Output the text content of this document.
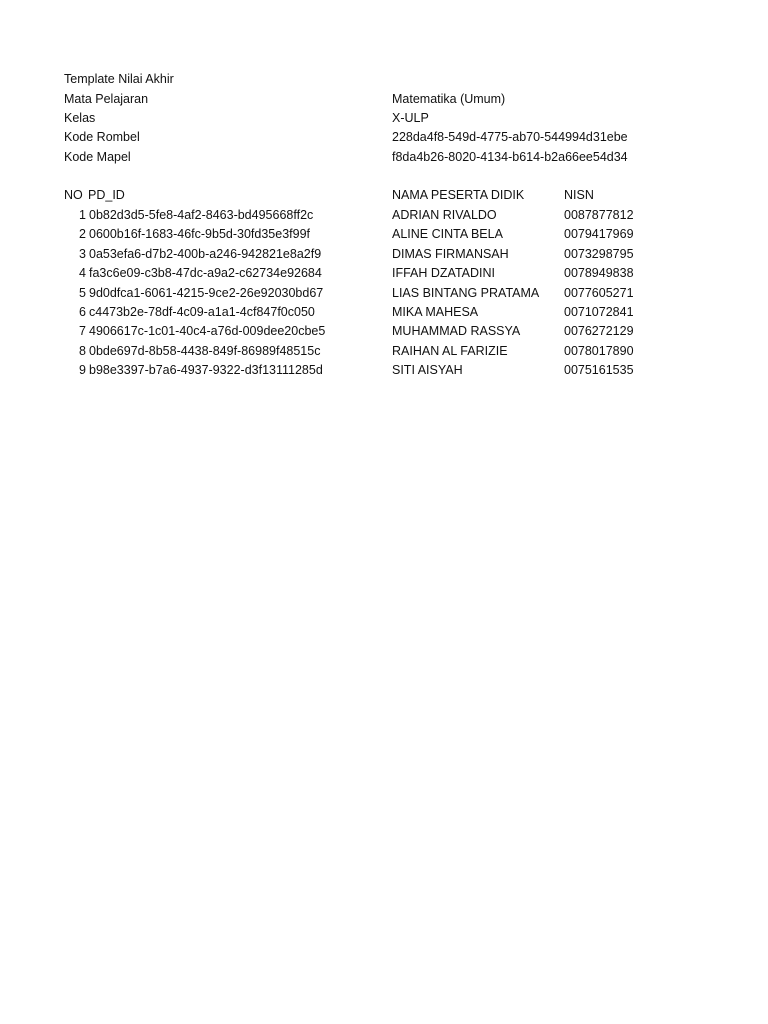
Template Nilai Akhir
Mata Pelajaran	Matematika (Umum)
Kelas	X-ULP
Kode Rombel	228da4f8-549d-4775-ab70-544994d31ebe
Kode Mapel	f8da4b26-8020-4134-b614-b2a66ee54d34
NO PD_ID	NAMA PESERTA DIDIK	NISN
1 0b82d3d5-5fe8-4af2-8463-bd495668ff2c	ADRIAN RIVALDO	0087877812
2 0600b16f-1683-46fc-9b5d-30fd35e3f99f	ALINE CINTA BELA	0079417969
3 0a53efa6-d7b2-400b-a246-942821e8a2f9	DIMAS FIRMANSAH	0073298795
4 fa3c6e09-c3b8-47dc-a9a2-c62734e92684	IFFAH DZATADINI	0078949838
5 9d0dfca1-6061-4215-9ce2-26e92030bd67	LIAS BINTANG PRATAMA 0077605271
6 c4473b2e-78df-4c09-a1a1-4cf847f0c050	MIKA MAHESA	0071072841
7 4906617c-1c01-40c4-a76d-009dee20cbe5	MUHAMMAD RASSYA	0076272129
8 0bde697d-8b58-4438-849f-86989f48515c	RAIHAN AL FARIZIE	0078017890
9 b98e3397-b7a6-4937-9322-d3f13111285d	SITI AISYAH	0075161535
